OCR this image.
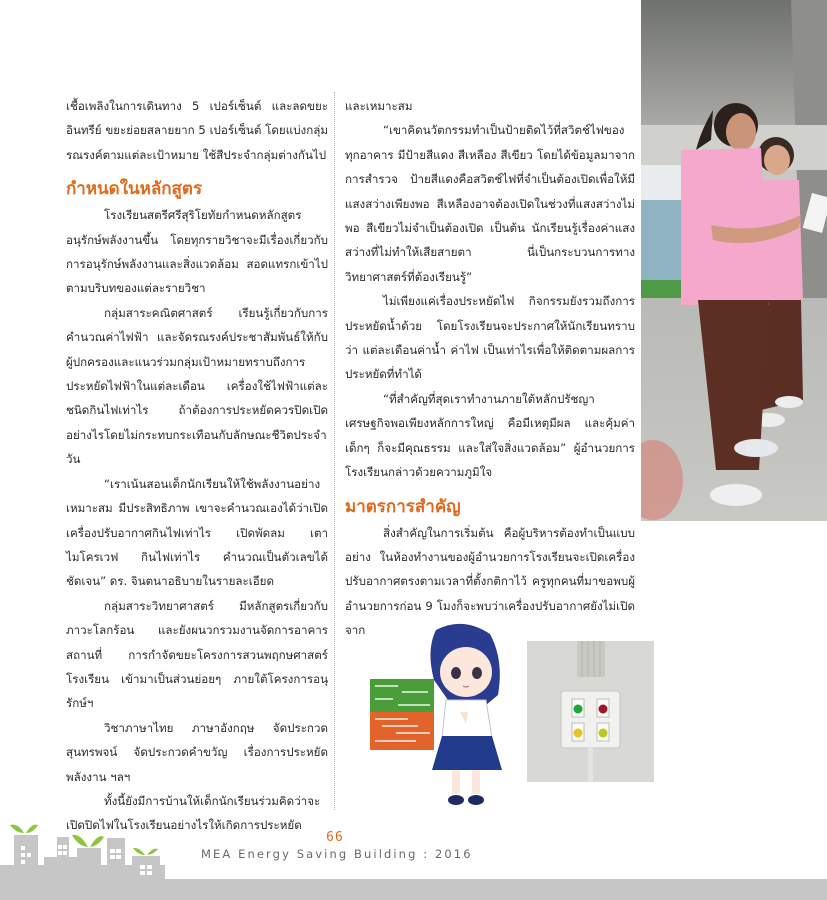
เชื้อเพลิงในการเดินทาง 5 เปอร์เซ็นต์ และลดขยะอินทรีย์ ขยะย่อยสลายยาก 5 เปอร์เซ็นต์ โดยแบ่งกลุ่มรณรงค์ตามแต่ละเป้าหมาย ใช้สีประจำกลุ่มต่างกันไป

กำหนดในหลักสูตร

โรงเรียนสตรีศรีสุริโยทัยกำหนดหลักสูตรอนุรักษ์พลังงานขึ้น โดยทุกรายวิชาจะมีเรื่องเกี่ยวกับการอนุรักษ์พลังงานและสิ่งแวดล้อม สอดแทรกเข้าไปตามบริบทของแต่ละรายวิชา

กลุ่มสาระคณิตศาสตร์ เรียนรู้เกี่ยวกับการคำนวณค่าไฟฟ้า และจัดรณรงค์ประชาสัมพันธ์ให้กับผู้ปกครองและแนวร่วมกลุ่มเป้าหมายทราบถึงการประหยัดไฟฟ้าในแต่ละเดือน เครื่องใช้ไฟฟ้าแต่ละชนิดกินไฟเท่าไร ถ้าต้องการประหยัดควรปิดเปิดอย่างไรโดยไม่กระทบกระเทือนกับลักษณะชีวิตประจำวัน

“เราเน้นสอนเด็กนักเรียนให้ใช้พลังงานอย่างเหมาะสม มีประสิทธิภาพ เขาจะคำนวณเองได้ว่าเปิดเครื่องปรับอากาศกินไฟเท่าไร เปิดพัดลม เตาไมโครเวฟ กินไฟเท่าไร คำนวณเป็นตัวเลขได้ชัดเจน” ดร. จินตนาอธิบายในรายละเอียด

กลุ่มสาระวิทยาศาสตร์ มีหลักสูตรเกี่ยวกับภาวะโลกร้อน และยังผนวกรวมงานจัดการอาคารสถานที่ การกำจัดขยะโครงการสวนพฤกษศาสตร์โรงเรียน เข้ามาเป็นส่วนย่อยๆ ภายใต้โครงการอนุรักษ์ฯ

วิชาภาษาไทย ภาษาอังกฤษ จัดประกวดสุนทรพจน์ จัดประกวดคำขวัญ เรื่องการประหยัดพลังงาน ฯลฯ

ทั้งนี้ยังมีการบ้านให้เด็กนักเรียนร่วมคิดว่าจะเปิดปิดไฟในโรงเรียนอย่างไรให้เกิดการประหยัด

และเหมาะสม

“เขาคิดนวัตกรรมทำเป็นป้ายติดไว้ที่สวิตช์ไฟของทุกอาคาร มีป้ายสีแดง สีเหลือง สีเขียว โดยได้ข้อมูลมาจากการสำรวจ ป้ายสีแดงคือสวิตช์ไฟที่จำเป็นต้องเปิดเพื่อให้มีแสงสว่างเพียงพอ สีเหลืองอาจต้องเปิดในช่วงที่แสงสว่างไม่พอ สีเขียวไม่จำเป็นต้องเปิด เป็นต้น นักเรียนรู้เรื่องค่าแสงสว่างที่ไม่ทำให้เสียสายตา นี่เป็นกระบวนการทางวิทยาศาสตร์ที่ต้องเรียนรู้”

ไม่เพียงแค่เรื่องประหยัดไฟ กิจกรรมยังรวมถึงการประหยัดน้ำด้วย โดยโรงเรียนจะประกาศให้นักเรียนทราบว่า แต่ละเดือนค่าน้ำ ค่าไฟ เป็นเท่าไรเพื่อให้ติดตามผลการประหยัดที่ทำได้

“ที่สำคัญที่สุดเราทำงานภายใต้หลักปรัชญาเศรษฐกิจพอเพียงหลักการใหญ่ คือมีเหตุมีผล และคุ้มค่า เด็กๆ ก็จะมีคุณธรรม และใส่ใจสิ่งแวดล้อม” ผู้อำนวยการโรงเรียนกล่าวด้วยความภูมิใจ

มาตรการสำคัญ

สิ่งสำคัญในการเริ่มต้น คือผู้บริหารต้องทำเป็นแบบอย่าง ในห้องทำงานของผู้อำนวยการโรงเรียนจะเปิดเครื่องปรับอากาศตรงตามเวลาที่ตั้งกติกาไว้ ครูทุกคนที่มาขอพบผู้อำนวยการก่อน 9 โมงก็จะพบว่าเครื่องปรับอากาศยังไม่เปิด จาก

66
MEA Energy Saving Building : 2016
